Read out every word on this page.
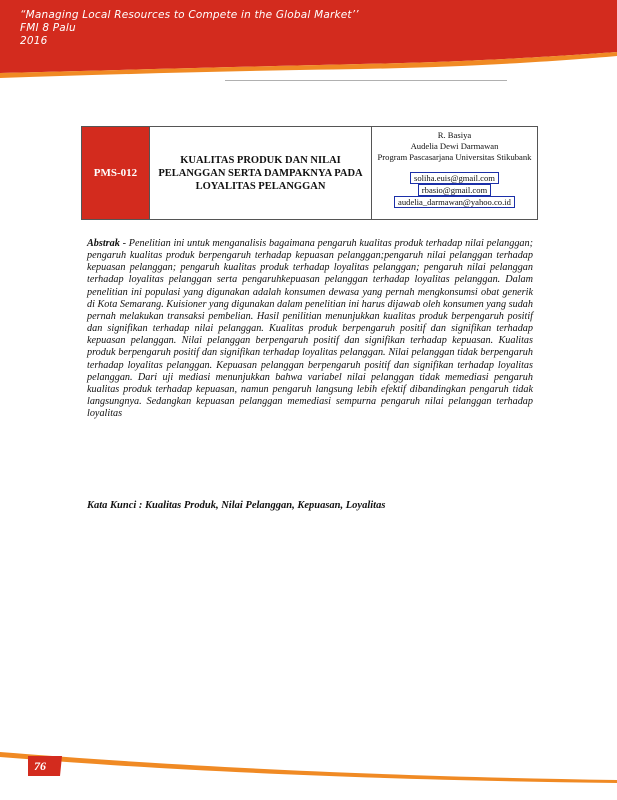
“Managing Local Resources to Compete in the Global Market’’
FMI 8 Palu
2016
PMS-012
KUALITAS PRODUK DAN NILAI PELANGGAN SERTA DAMPAKNYA PADA LOYALITAS PELANGGAN
R. Basiya
Audelia Dewi Darmawan
Program Pascasarjana Universitas Stikubank
soliha.euis@gmail.com
rbasio@gmail.com
audelia_darmawan@yahoo.co.id
Abstrak - Penelitian ini untuk menganalisis bagaimana pengaruh kualitas produk terhadap nilai pelanggan; pengaruh kualitas produk berpengaruh terhadap kepuasan pelanggan;pengaruh nilai pelanggan terhadap kepuasan pelanggan; pengaruh kualitas produk terhadap loyalitas pelanggan; pengaruh nilai pelanggan terhadap loyalitas pelanggan serta pengaruhkepuasan pelanggan terhadap loyalitas pelanggan. Dalam penelitian ini populasi yang digunakan adalah konsumen dewasa yang pernah mengkonsumsi obat generik di Kota Semarang. Kuisioner yang digunakan dalam penelitian ini harus dijawab oleh konsumen yang sudah pernah melakukan transaksi pembelian. Hasil penilitian menunjukkan kualitas produk berpengaruh positif dan signifikan terhadap nilai pelanggan. Kualitas produk berpengaruh positif dan signifikan terhadap kepuasan pelanggan. Nilai pelanggan berpengaruh positif dan signifikan terhadap kepuasan. Kualitas produk berpengaruh positif dan signifikan terhadap loyalitas pelanggan. Nilai pelanggan tidak berpengaruh terhadap loyalitas pelanggan. Kepuasan pelanggan berpengaruh positif dan signifikan terhadap loyalitas pelanggan. Dari uji mediasi menunjukkan bahwa variabel nilai pelanggan tidak memediasi pengaruh kualitas produk terhadap kepuasan, namun pengaruh langsung lebih efektif dibandingkan pengaruh tidak langsungnya. Sedangkan kepuasan pelanggan memediasi sempurna pengaruh nilai pelanggan terhadap loyalitas
Kata Kunci : Kualitas Produk, Nilai Pelanggan, Kepuasan, Loyalitas
76
